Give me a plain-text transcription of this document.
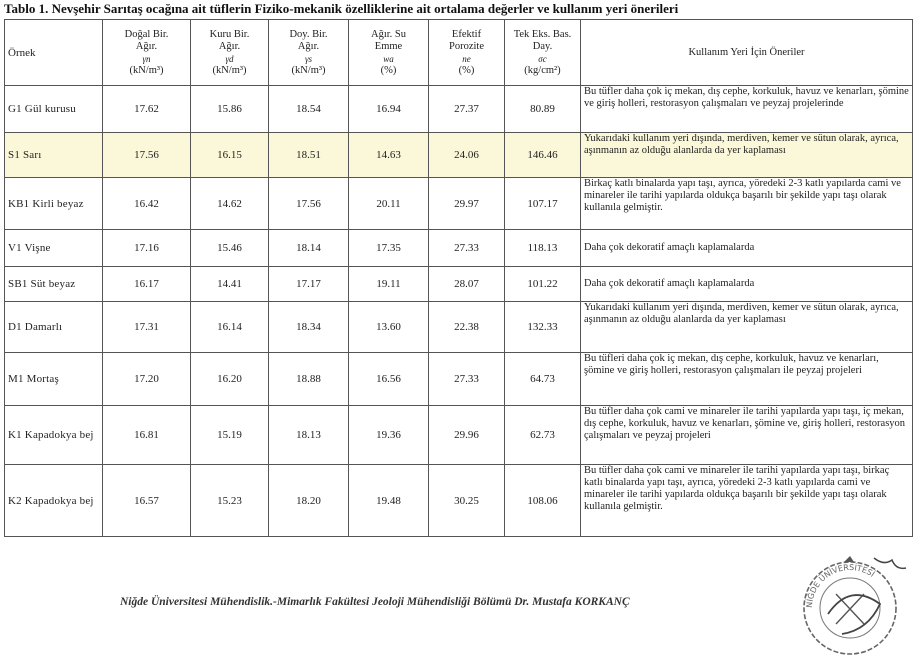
Tablo 1. Nevşehir Sarıtaş ocağına ait tüflerin Fiziko-mekanik özelliklerine ait ortalama değerler ve kullanım yeri önerileri
Örnek	Doğal Bir.
Ağır.
γn
(kN/m³)	Kuru Bir.
Ağır.
γd
(kN/m³)	Doy. Bir.
Ağır.
γs
(kN/m³)	Ağır. Su
Emme
wa
(%)	Efektif
Porozite
ne
(%)	Tek Eks. Bas.
Day.
σc
(kg/cm²)	Kullanım Yeri İçin Öneriler
G1 Gül kurusu	17.62	15.86	18.54	16.94	27.37	80.89	Bu tüfler daha çok iç mekan, dış cephe, korkuluk, havuz ve kenarları, şömine ve giriş holleri, restorasyon çalışmaları ve peyzaj projelerinde
S1 Sarı	17.56	16.15	18.51	14.63	24.06	146.46	Yukarıdaki kullanım yeri dışında, merdiven, kemer ve sütun olarak, ayrıca, aşınmanın az olduğu alanlarda da yer kaplaması
KB1 Kirli beyaz	16.42	14.62	17.56	20.11	29.97	107.17	Birkaç katlı binalarda yapı taşı, ayrıca, yöredeki 2-3 katlı yapılarda cami ve minareler ile tarihi yapılarda oldukça başarılı bir şekilde yapı taşı olarak kullanıla gelmiştir.
V1 Vişne	17.16	15.46	18.14	17.35	27.33	118.13	Daha çok dekoratif amaçlı kaplamalarda
SB1 Süt beyaz	16.17	14.41	17.17	19.11	28.07	101.22	Daha çok dekoratif amaçlı kaplamalarda
D1 Damarlı	17.31	16.14	18.34	13.60	22.38	132.33	Yukarıdaki kullanım yeri dışında, merdiven, kemer ve sütun olarak, ayrıca, aşınmanın az olduğu alanlarda da yer kaplaması
M1 Mortaş	17.20	16.20	18.88	16.56	27.33	64.73	Bu tüfleri daha çok iç mekan, dış cephe, korkuluk, havuz ve kenarları, şömine ve giriş holleri, restorasyon çalışmaları ile peyzaj projeleri
K1 Kapadokya bej	16.81	15.19	18.13	19.36	29.96	62.73	Bu tüfler daha çok cami ve minareler ile tarihi yapılarda yapı taşı, iç mekan, dış cephe, korkuluk, havuz ve kenarları, şömine ve, giriş holleri, restorasyon çalışmaları ve peyzaj projeleri
K2 Kapadokya bej	16.57	15.23	18.20	19.48	30.25	108.06	Bu tüfler daha çok cami ve minareler ile tarihi yapılarda yapı taşı, birkaç katlı binalarda yapı taşı, ayrıca, yöredeki 2-3 katlı yapılarda cami ve minareler ile tarihi yapılarda oldukça başarılı bir şekilde yapı taşı olarak kullanıla gelmiştir.
Niğde Üniversitesi Mühendislik.-Mimarlık Fakültesi Jeoloji Mühendisliği Bölümü Dr. Mustafa KORKANÇ	NİĞDE ÜNİVERSİTESİ
